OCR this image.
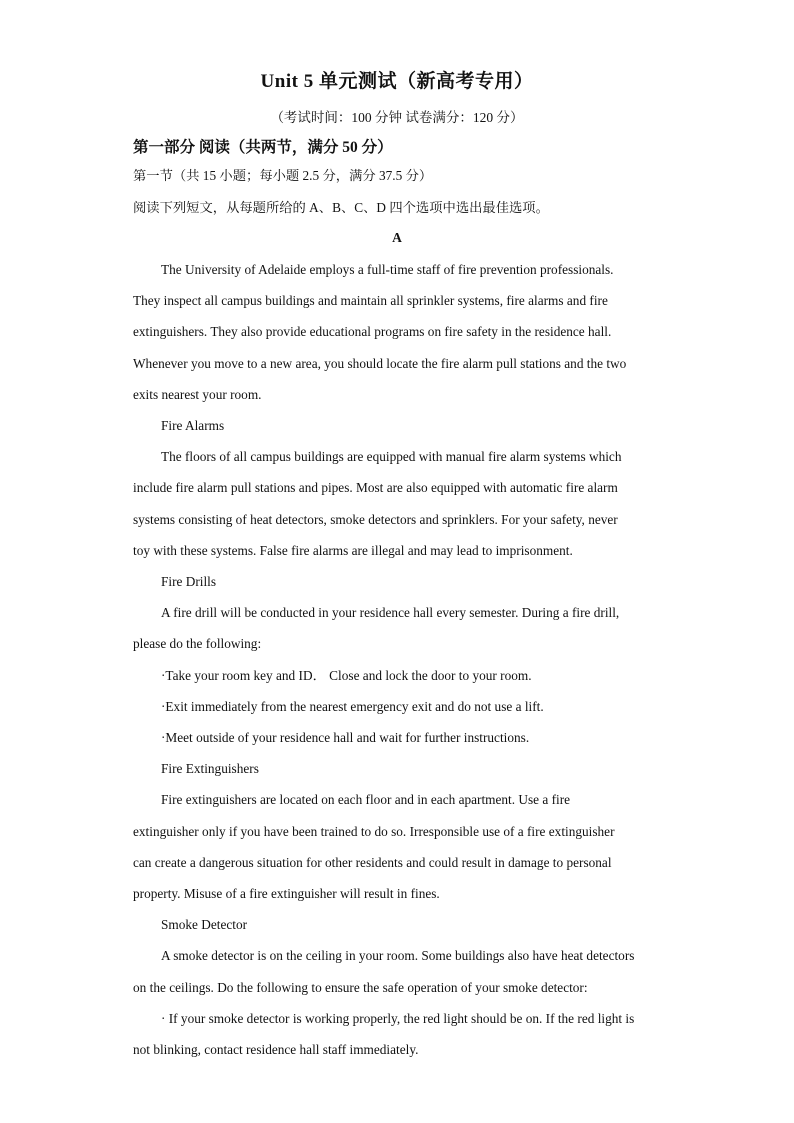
Unit 5 单元测试（新高考专用）
（考试时间：100 分钟 试卷满分：120 分）
第一部分 阅读（共两节，满分 50 分）
第一节（共 15 小题；每小题 2.5 分，满分 37.5 分）
阅读下列短文，从每题所给的 A、B、C、D 四个选项中选出最佳选项。
A
The University of Adelaide employs a full-time staff of fire prevention professionals.
They inspect all campus buildings and maintain all sprinkler systems, fire alarms and fire
extinguishers. They also provide educational programs on fire safety in the residence hall.
Whenever you move to a new area, you should locate the fire alarm pull stations and the two
exits nearest your room.
Fire Alarms
The floors of all campus buildings are equipped with manual fire alarm systems which
include fire alarm pull stations and pipes. Most are also equipped with automatic fire alarm
systems consisting of heat detectors, smoke detectors and sprinklers. For your safety, never
toy with these systems. False fire alarms are illegal and may lead to imprisonment.
Fire Drills
A fire drill will be conducted in your residence hall every semester. During a fire drill,
please do the following:
·Take your room key and ID． Close and lock the door to your room.
·Exit immediately from the nearest emergency exit and do not use a lift.
·Meet outside of your residence hall and wait for further instructions.
Fire Extinguishers
Fire extinguishers are located on each floor and in each apartment. Use a fire
extinguisher only if you have been trained to do so. Irresponsible use of a fire extinguisher
can create a dangerous situation for other residents and could result in damage to personal
property. Misuse of a fire extinguisher will result in fines.
Smoke Detector
A smoke detector is on the ceiling in your room. Some buildings also have heat detectors
on the ceilings. Do the following to ensure the safe operation of your smoke detector:
· If your smoke detector is working properly, the red light should be on. If the red light is
not blinking, contact residence hall staff immediately.
